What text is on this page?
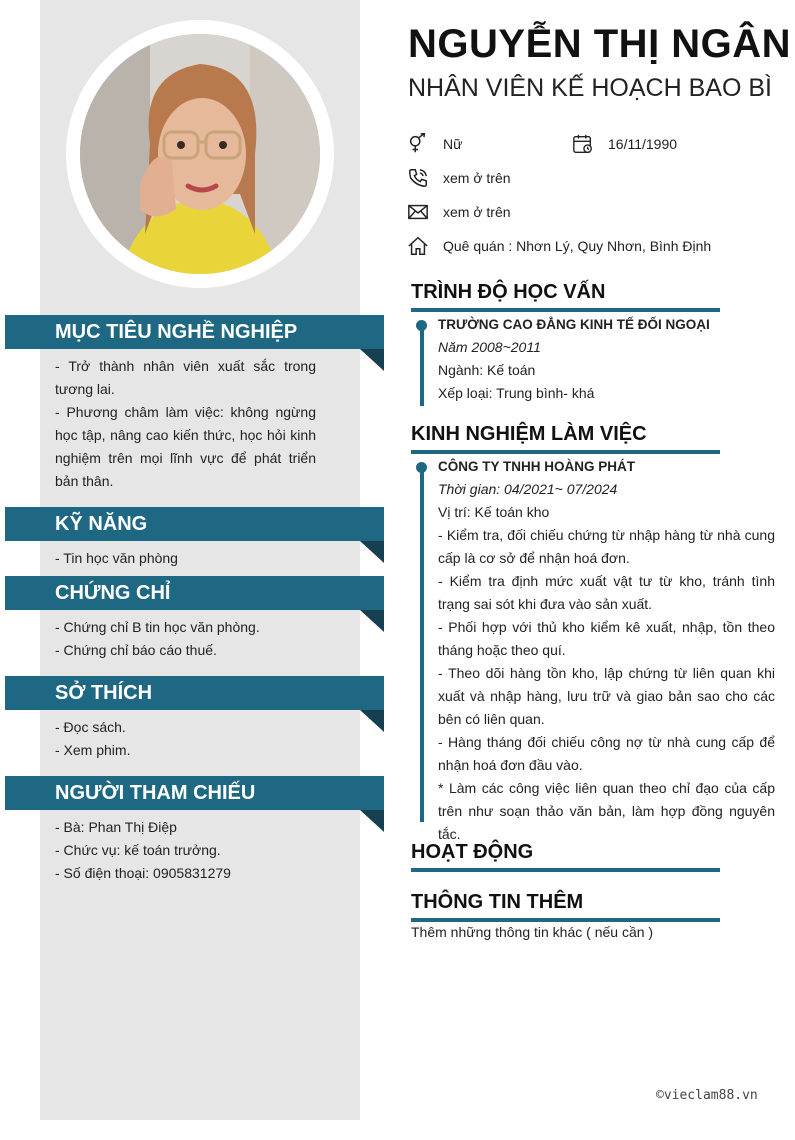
MỤC TIÊU NGHỀ NGHIỆP

- Trở thành nhân viên xuất sắc trong tương lai.

- Phương châm làm việc: không ngừng học tập, nâng cao kiến thức, học hỏi kinh nghiệm trên mọi lĩnh vực để phát triển bản thân.

KỸ NĂNG

- Tin học văn phòng

CHỨNG CHỈ

- Chứng chỉ B tin học văn phòng.

- Chứng chỉ báo cáo thuế.

SỞ THÍCH

- Đọc sách.

- Xem phim.

NGƯỜI THAM CHIẾU

- Bà: Phan Thị Điệp

- Chức vụ: kế toán trưởng.

- Số điện thoại: 0905831279

NGUYỄN THỊ NGÂN
NHÂN VIÊN KẾ HOẠCH BAO BÌ
Nữ	16/11/1990
xem ở trên
xem ở trên
Quê quán : Nhơn Lý, Quy Nhơn, Bình Định
TRÌNH ĐỘ HỌC VẤN

TRƯỜNG CAO ĐẲNG KINH TẾ ĐỐI NGOẠI

Năm 2008~2011

Ngành: Kế toán

Xếp loại: Trung bình- khá

KINH NGHIỆM LÀM VIỆC

CÔNG TY TNHH HOÀNG PHÁT

Thời gian: 04/2021~ 07/2024

Vị trí: Kế toán kho

- Kiểm tra, đối chiếu chứng từ nhập hàng từ nhà cung cấp là cơ sở để nhận hoá đơn.

- Kiểm tra định mức xuất vật tư từ kho, tránh tình trạng sai sót khi đưa vào sản xuất.

- Phối hợp với thủ kho kiểm kê xuất, nhập, tồn theo tháng hoặc theo quí.

- Theo dõi hàng tồn kho, lập chứng từ liên quan khi xuất và nhập hàng, lưu trữ và giao bản sao cho các bên có liên quan.

- Hàng tháng đối chiếu công nợ từ nhà cung cấp để nhận hoá đơn đầu vào.

* Làm các công việc liên quan theo chỉ đạo của cấp trên như soạn thảo văn bản, làm hợp đồng nguyên tắc.

HOẠT ĐỘNG
THÔNG TIN THÊM
Thêm những thông tin khác ( nếu cần )
©vieclam88.vn
